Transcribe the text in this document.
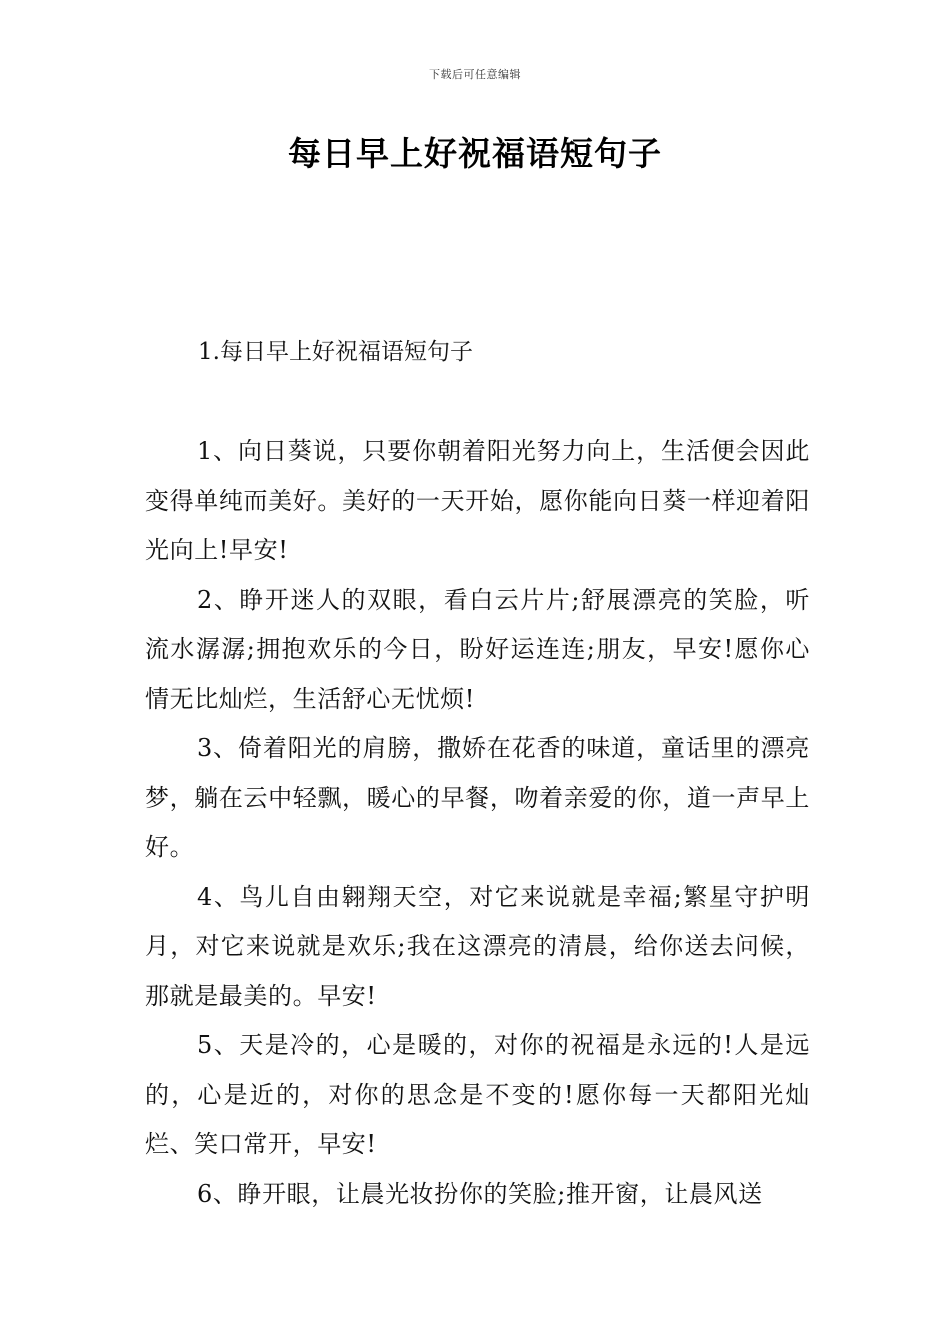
下载后可任意编辑
每日早上好祝福语短句子
1.每日早上好祝福语短句子

1、向日葵说，只要你朝着阳光努力向上，生活便会因此变得单纯而美好。美好的一天开始，愿你能向日葵一样迎着阳光向上!早安!

2、睁开迷人的双眼，看白云片片;舒展漂亮的笑脸，听流水潺潺;拥抱欢乐的今日，盼好运连连;朋友，早安!愿你心情无比灿烂，生活舒心无忧烦!

3、倚着阳光的肩膀，撒娇在花香的味道，童话里的漂亮梦，躺在云中轻飘，暖心的早餐，吻着亲爱的你，道一声早上好。

4、鸟儿自由翱翔天空，对它来说就是幸福;繁星守护明月，对它来说就是欢乐;我在这漂亮的清晨，给你送去问候，那就是最美的。早安!

5、天是冷的，心是暖的，对你的祝福是永远的!人是远的，心是近的，对你的思念是不变的!愿你每一天都阳光灿烂、笑口常开，早安!

6、睁开眼，让晨光妆扮你的笑脸;推开窗，让晨风送
